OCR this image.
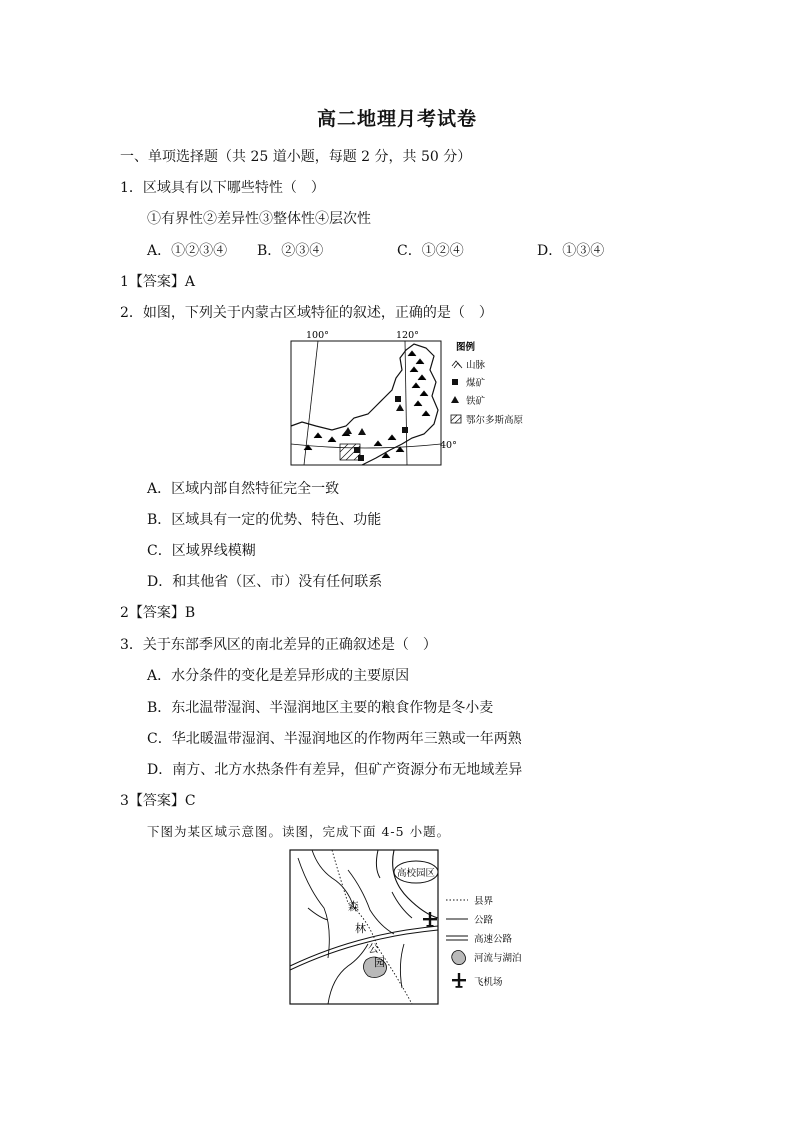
高二地理月考试卷
一、单项选择题（共 25 道小题，每题 2 分，共 50 分）
1．区域具有以下哪些特性（　）
①有界性②差异性③整体性④层次性
A．①②③④ B．②③④	C．①②④	D．①③④
1【答案】A
2．如图，下列关于内蒙古区域特征的叙述，正确的是（　）
100°	120°
40°
图例
山脉
煤矿
铁矿
鄂尔多斯高原
A．区域内部自然特征完全一致
B．区域具有一定的优势、特色、功能
C．区域界线模糊
D．和其他省（区、市）没有任何联系
2【答案】B
3．关于东部季风区的南北差异的正确叙述是（　）
A．水分条件的变化是差异形成的主要原因
B．东北温带湿润、半湿润地区主要的粮食作物是冬小麦
C．华北暖温带湿润、半湿润地区的作物两年三熟或一年两熟
D．南方、北方水热条件有差异，但矿产资源分布无地域差异
3【答案】C
下图为某区域示意图。读图，完成下面 4-5 小题。
高校园区
森
林
公
园
县界
公路
高速公路
河流与湖泊
飞机场
